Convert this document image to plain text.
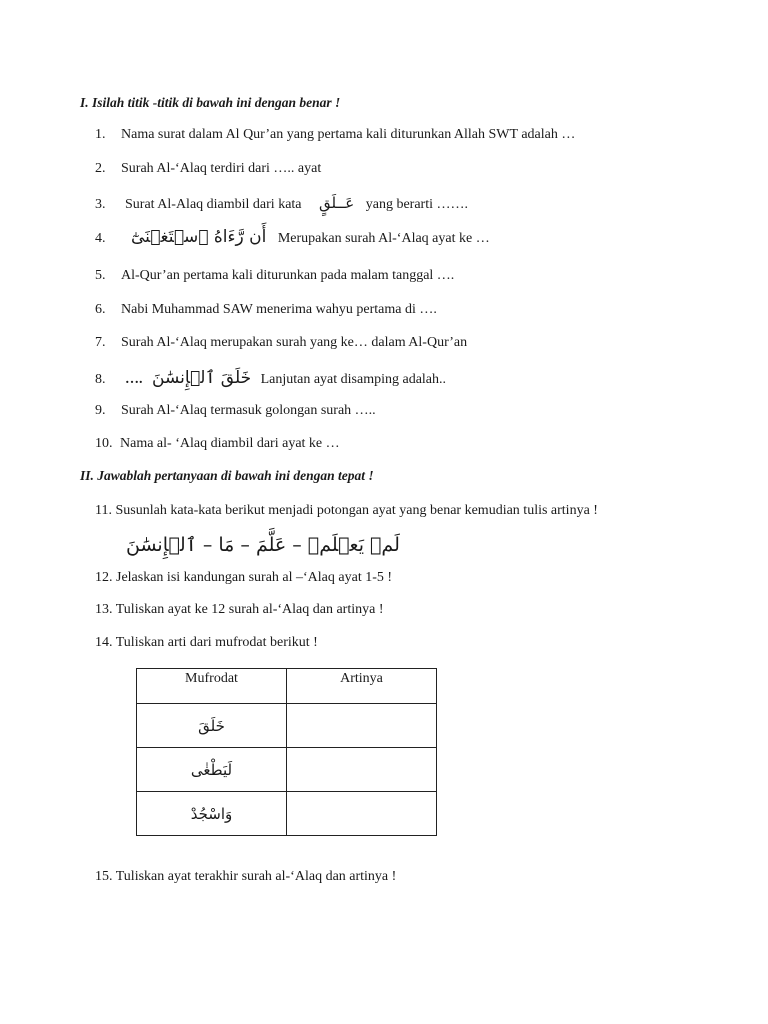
I. Isilah titik -titik di bawah ini dengan benar !
1. Nama surat dalam Al Qur’an yang pertama kali diturunkan Allah SWT adalah …
2. Surah Al-‘Alaq terdiri dari ….. ayat
3. Surat Al-Alaq diambil dari kata عَــلَقٍ yang berarti …….
4. أَن رَّءَاهُ ٱسۡتَغۡنَىٰٓ Merupakan surah Al-‘Alaq ayat ke …
5. Al-Qur’an pertama kali diturunkan pada malam tanggal ….
6. Nabi Muhammad SAW menerima wahyu pertama di ….
7. Surah Al-‘Alaq merupakan surah yang ke… dalam Al-Qur’an
8. …. خَلَقَ ٱلۡإِنسَٰنَ Lanjutan ayat disamping adalah..
9. Surah Al-‘Alaq termasuk golongan surah …..
10. Nama al- ‘Alaq diambil dari ayat ke …
II. Jawablah pertanyaan di bawah ini dengan tepat !
11. Susunlah kata-kata berikut menjadi potongan ayat yang benar kemudian tulis artinya !
لَمۡ يَعۡلَمۡ – عَلَّمَ – مَا – ٱلۡإِنسَٰنَ
12. Jelaskan isi kandungan surah al –‘Alaq ayat 1-5 !
13. Tuliskan ayat ke 12 surah al-‘Alaq dan artinya !
14. Tuliskan arti dari mufrodat berikut !
Mufrodat	Artinya
خَلَقَ	
لَيَطْغٰى	
وَاسْجُدْ	
15. Tuliskan ayat terakhir surah al-‘Alaq dan artinya !
